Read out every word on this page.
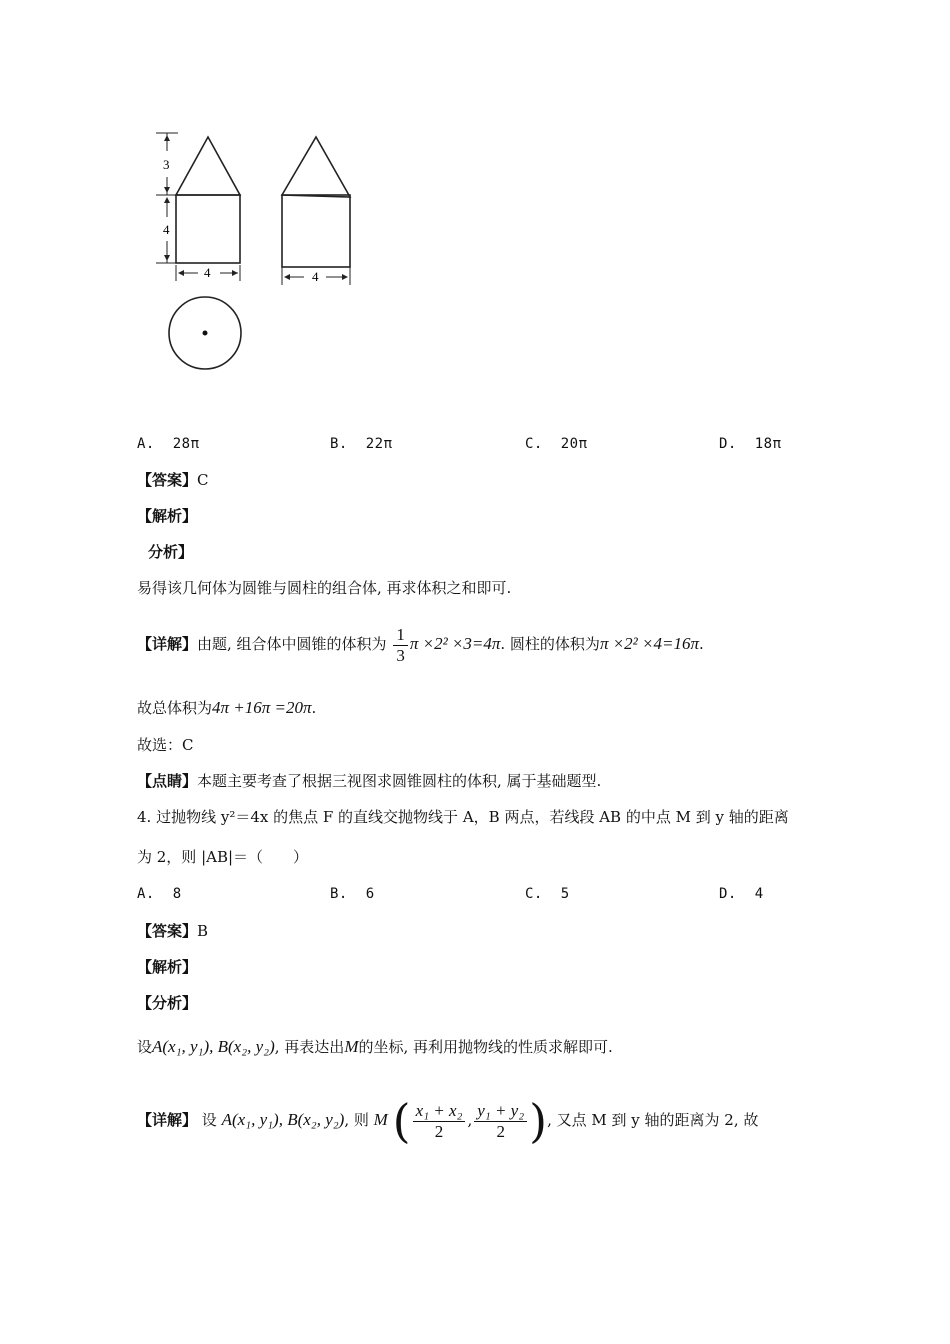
3
4
4	4
A. 28π	B. 22π	C. 20π	D. 18π
【答案】C
【解析】
分析】
易得该几何体为圆锥与圆柱的组合体, 再求体积之和即可.
【详解】由题, 组合体中圆锥的体积为 $\frac{1}{3}$ π ×2² ×3=4π. 圆柱的体积为π ×2² ×4=16π.
故总体积为4π +16π =20π.
故选：C
【点睛】本题主要考查了根据三视图求圆锥圆柱的体积, 属于基础题型.
4. 过抛物线 y²＝4x 的焦点 F 的直线交抛物线于 A，B 两点，若线段 AB 的中点 M 到 y 轴的距离
为 2，则 |AB|＝（　　）
A. 8	B. 6	C. 5	D. 4
【答案】B
【解析】
【分析】
设A(x₁, y₁), B(x₂, y₂), 再表达出M的坐标, 再利用抛物线的性质求解即可.
【详解】 设 A(x₁, y₁), B(x₂, y₂), 则 M ( $\frac{\text{x₁ + x₂}}{2}$ , $\frac{\text{y₁ + y₂}}{2}$ ), 又点 M 到 y 轴的距离为 2, 故
